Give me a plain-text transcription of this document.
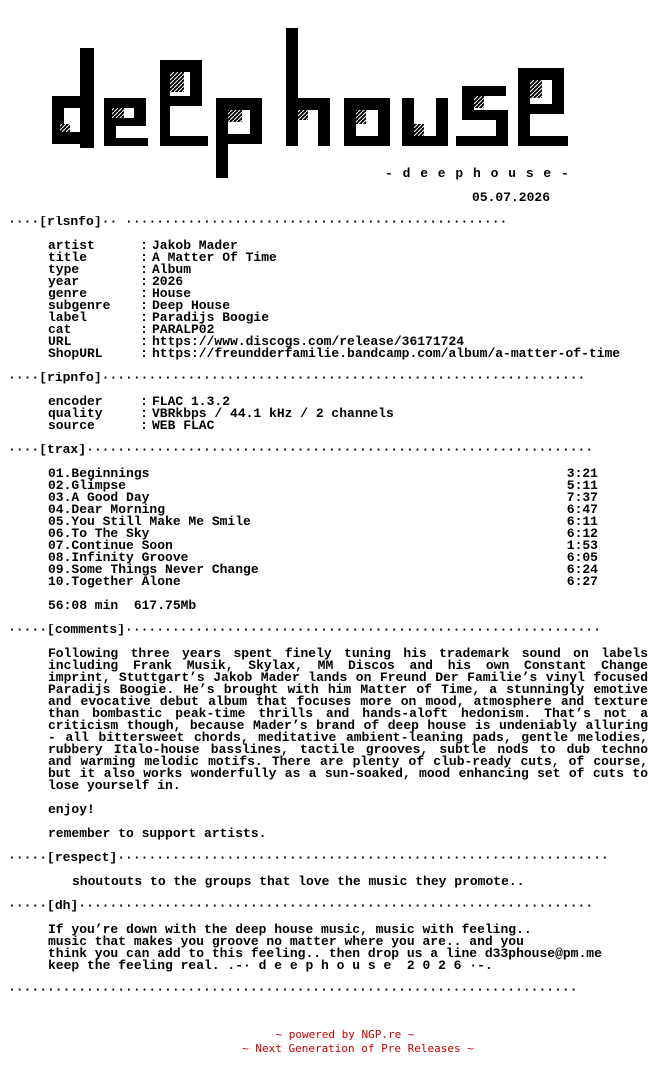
- d e e p h o u s e -
05.07.2026
····[rlsnfo]·· ·················································
artist	: Jakob Mader
title	: A Matter Of Time
type	: Album
year	: 2026
genre	: House
subgenre : Deep House
label	: Paradijs Boogie
cat	: PARALP02
URL	: https://www.discogs.com/release/36171724
ShopURL	: https://freundderfamilie.bandcamp.com/album/a-matter-of-time
····[ripnfo]······························································
encoder	: FLAC 1.3.2
quality	: VBRkbps / 44.1 kHz / 2 channels
source	: WEB FLAC
····[trax]·································································
01.Beginnings	3:21
02.Glimpse	5:11
03.A Good Day	7:37
04.Dear Morning	6:47
05.You Still Make Me Smile	6:11
06.To The Sky	6:12
07.Continue Soon	1:53
08.Infinity Groove	6:05
09.Some Things Never Change	6:24
10.Together Alone	6:27
56:08 min  617.75Mb
·····[comments]·····························································
Following three years spent finely tuning his trademark sound on labels including Frank Musik, Skylax, MM Discos and his own Constant Change imprint, Stuttgart’s Jakob Mader lands on Freund Der Familie’s vinyl focused Paradijs Boogie. He’s brought with him Matter of Time, a stunningly emotive and evocative debut album that focuses more on mood, atmosphere and texture than bombastic peak-time thrills and hands-aloft hedonism. That’s not a criticism though, because Mader’s brand of deep house is undeniably alluring - all bittersweet chords, meditative ambient-leaning pads, gentle melodies, rubbery Italo-house basslines, tactile grooves, subtle nods to dub techno and warming melodic motifs. There are plenty of club-ready cuts, of course, but it also works wonderfully as a sun-soaked, mood enhancing set of cuts to lose yourself in.
enjoy!
remember to support artists.
·····[respect]·······························································
shoutouts to the groups that love the music they promote..
·····[dh]··································································
If you’re down with the deep house music, music with feeling..
music that makes you groove no matter where you are.. and you
think you can add to this feeling.. then drop us a line d33phouse@pm.me
keep the feeling real. .-· d e e p h o u s e  2 0 2 6 ·-.
·········································································
~ powered by NGP.re ~
~ Next Generation of Pre Releases ~
